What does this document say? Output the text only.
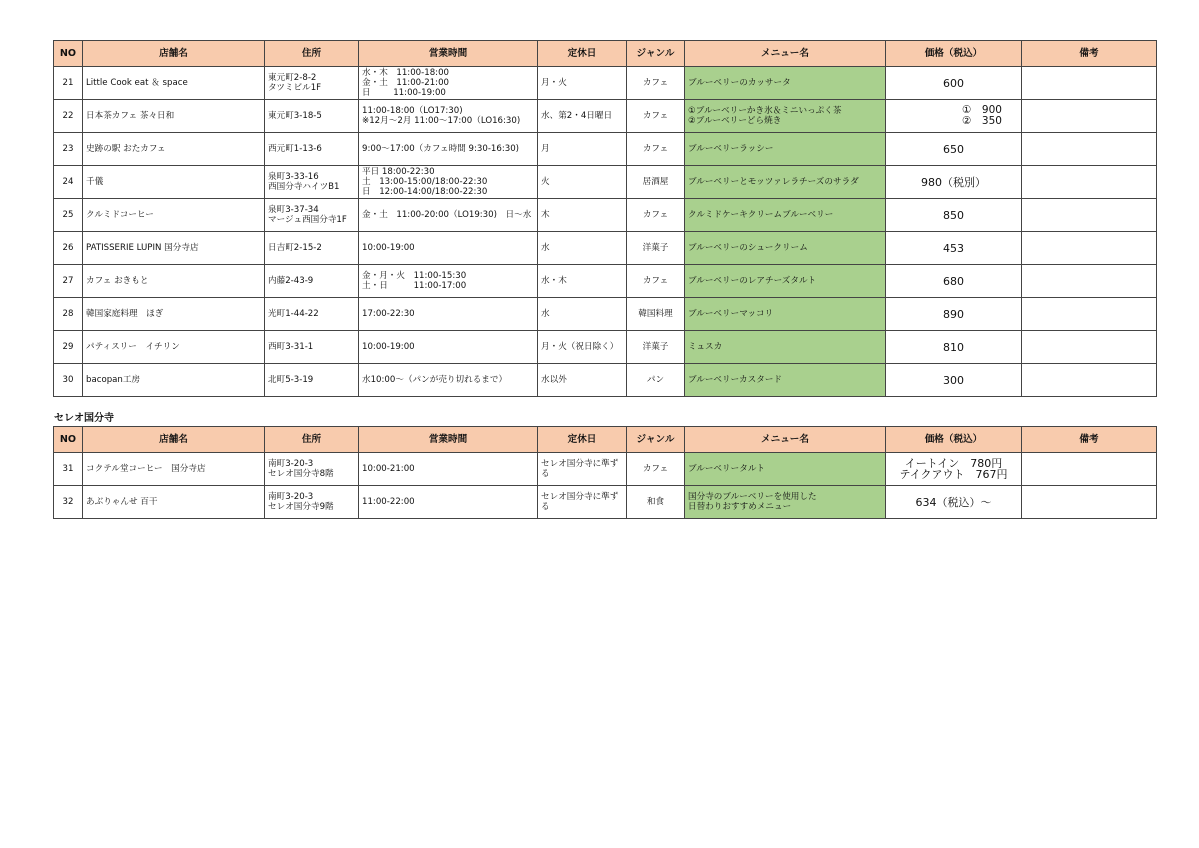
NO	店舗名	住所	営業時間	定休日	ジャンル	メニュー名	価格（税込）	備考
21	Little Cook eat ＆ space	東元町2-8-2
タツミビル1F	水・木　11:00-18:00
金・土　11:00-21:00
日　　  11:00-19:00	月・火	カフェ	ブルーベリーのカッサータ	600	

22	日本茶カフェ 茶々日和	東元町3-18-5	11:00-18:00（LO17:30)
※12月～2月 11:00～17:00（LO16:30)	水、第2・4日曜日	カフェ	①ブルーベリーかき氷＆ミニいっぷく茶
②ブルーベリーどら焼き	①　900
②　350	

23	史跡の駅 おたカフェ	西元町1-13-6	9:00～17:00（カフェ時間 9:30-16:30)	月	カフェ	ブルーベリーラッシー	650	

24	千儀	泉町3-33-16
西国分寺ハイツB1	平日 18:00-22:30
土　13:00-15:00/18:00-22:30
日　12:00-14:00/18:00-22:30	火	居酒屋	ブルーベリーとモッツァレラチーズのサラダ	980（税別）	

25	クルミドコーヒー	泉町3-37-34
マージュ西国分寺1F	金・土　11:00-20:00（LO19:30)　日～水	木	カフェ	クルミドケーキクリームブルーベリー	850	

26	PATISSERIE LUPIN 国分寺店	日吉町2-15-2	10:00-19:00	水	洋菓子	ブルーベリーのシュークリーム	453	

27	カフェ おきもと	内藤2-43-9	金・月・火　11:00-15:30
土・日　　　11:00-17:00	水・木	カフェ	ブルーベリーのレアチーズタルト	680	

28	韓国家庭料理　ほぎ	光町1-44-22	17:00-22:30	水	韓国料理	ブルーベリーマッコリ	890	

29	パティスリー　イチリン	西町3-31-1	10:00-19:00	月・火（祝日除く）	洋菓子	ミュスカ	810	

30	bacopan工房	北町5-3-19	水10:00～（パンが売り切れるまで）	水以外	パン	ブルーベリーカスタード	300	

セレオ国分寺
NO	店舗名	住所	営業時間	定休日	ジャンル	メニュー名	価格（税込）	備考
31	コクテル堂コーヒー　国分寺店	南町3-20-3
セレオ国分寺8階	10:00-21:00	セレオ国分寺に準ずる	カフェ	ブルーベリータルト	イートイン　780円
テイクアウト　767円	

32	あぶりゃんせ 百干	南町3-20-3
セレオ国分寺9階	11:00-22:00	セレオ国分寺に準ずる	和食	国分寺のブルーベリーを使用した
日替わりおすすめメニュー	634（税込）～	
